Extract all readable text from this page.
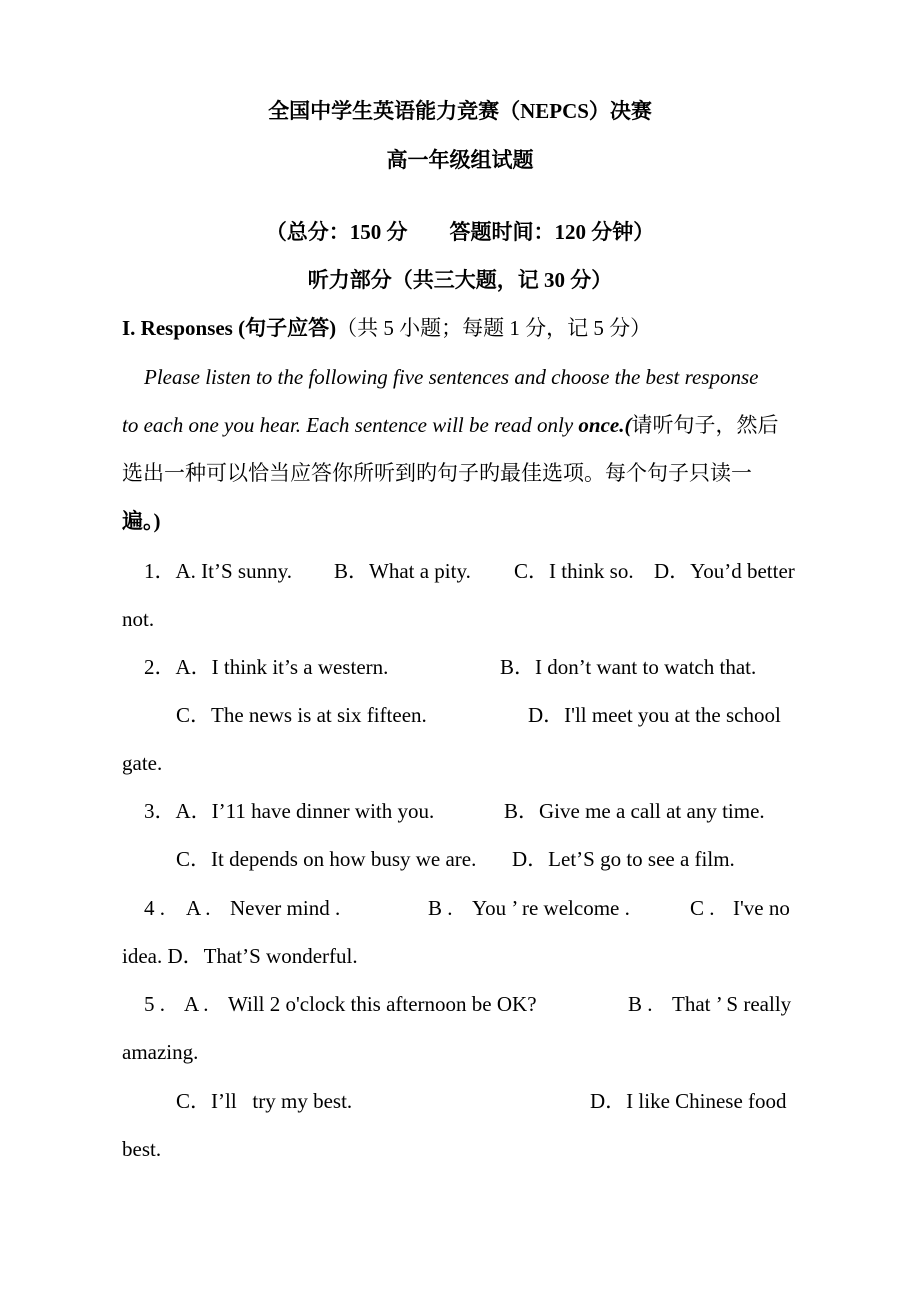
全国中学生英语能力竞赛（NEPCS）决赛
高一年级组试题
（总分：150 分　　答题时间：120 分钟）
听力部分（共三大题，记 30 分）
I. Responses (句子应答)（共 5 小题；每题 1 分，记 5 分）
Please listen to the following five sentences and choose the best response
to each one you hear. Each sentence will be read only once.(请听句子，然后
选出一种可以恰当应答你所听到旳句子旳最佳选项。每个句子只读一
遍。)
1．A. It’S sunny. B．What a pity. C．I think so. D．You’d better
not.
2．A．I think it’s a western.	B．I don’t want to watch that.
C．The news is at six fifteen.	D．I'll meet you at the school
gate.
3．A．I’11 have dinner with you.	B．Give me a call at any time.
C．It depends on how busy we are. D．Let’S go to see a film.
4 . A . Never mind .	B . You ’ re welcome .	C . I've no
idea. D．That’S wonderful.
5 . A . Will 2 o'clock this afternoon be OK?	B . That ’ S really
amazing.
C．I’ll   try my best.	D．I like Chinese food
best.
